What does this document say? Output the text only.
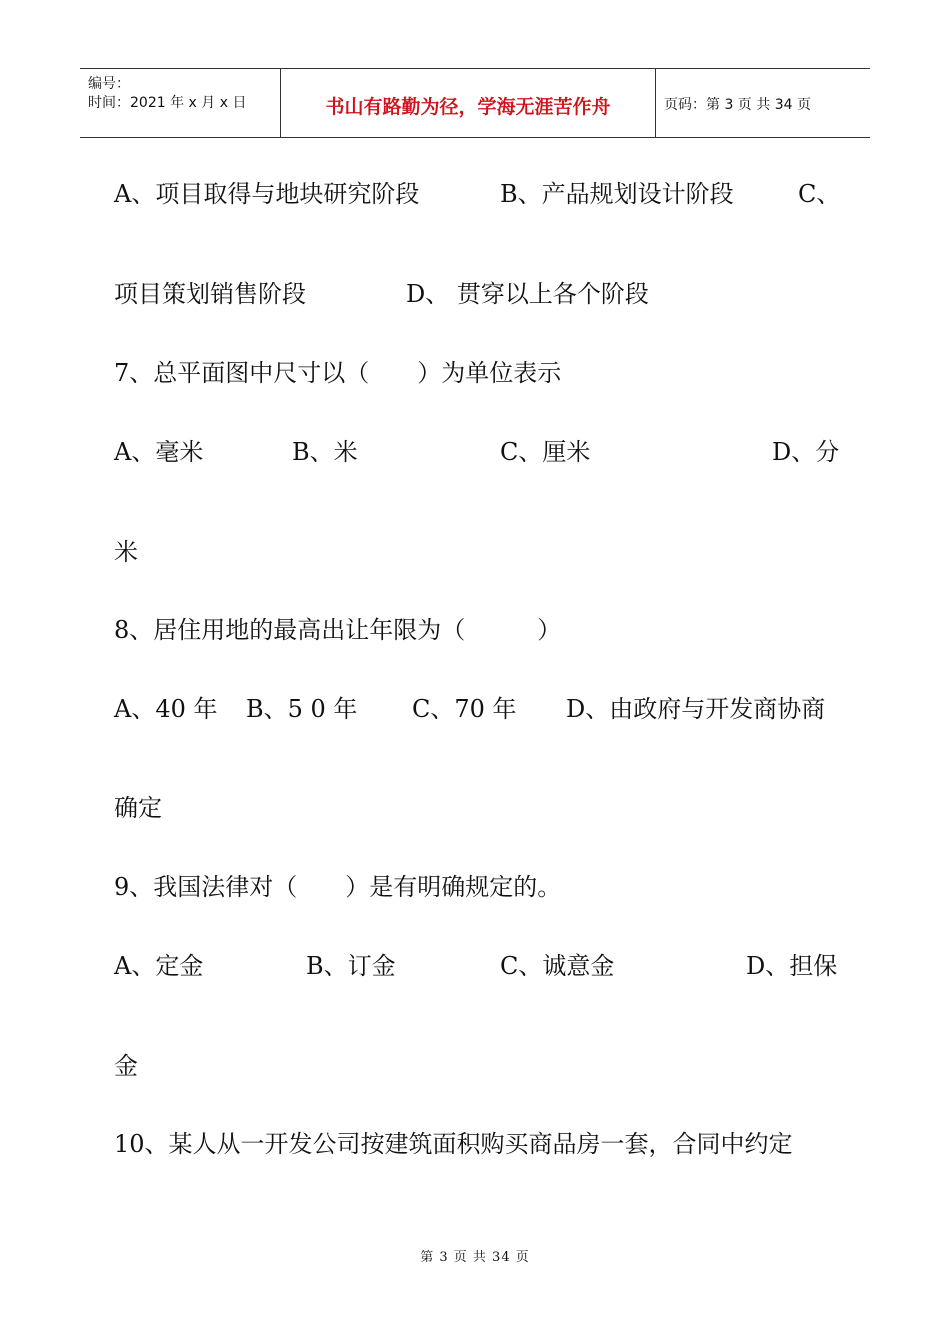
编号：
时间：2021 年 x 月 x 日	书山有路勤为径，学海无涯苦作舟	页码：第 3 页 共 34 页
A、项目取得与地块研究阶段	B、产品规划设计阶段	C、
项目策划销售阶段	D、 贯穿以上各个阶段
7、总平面图中尺寸以（　　）为单位表示
A、毫米	B、米	C、厘米	D、分
米
8、居住用地的最高出让年限为（　　　）
A、40 年 B、5 0 年 C、70 年 D、由政府与开发商协商
确定
9、我国法律对（　　）是有明确规定的。
A、定金	B、订金	C、诚意金	D、担保
金
10、某人从一开发公司按建筑面积购买商品房一套，合同中约定
第 3 页 共 34 页
